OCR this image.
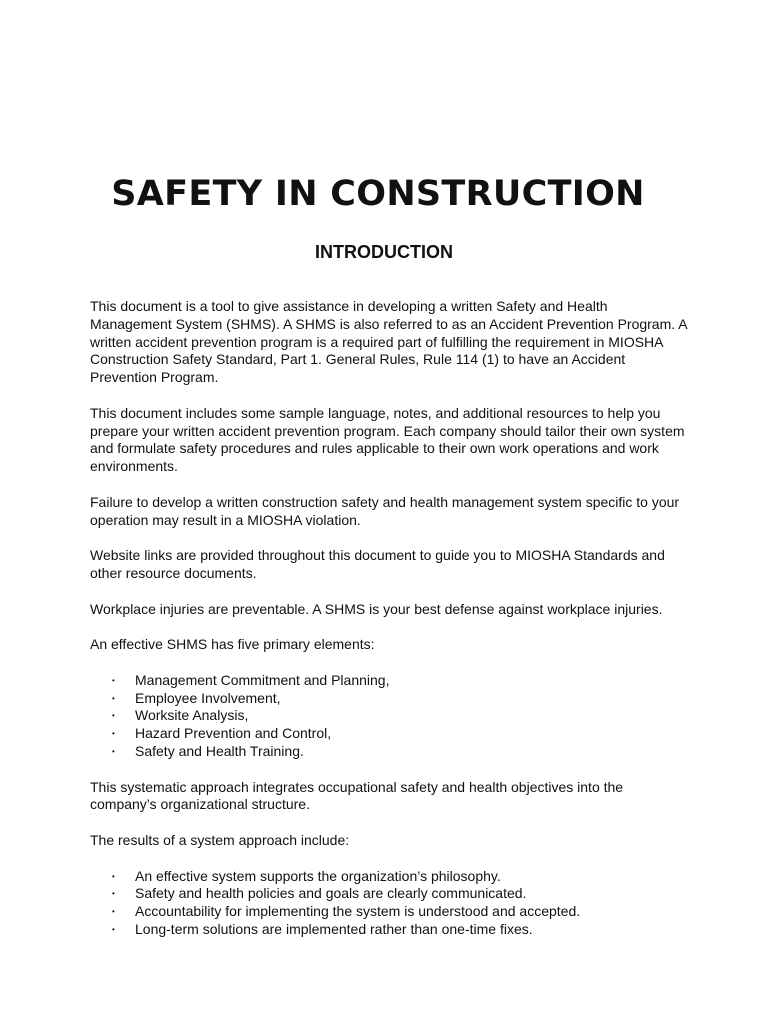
SAFETY IN CONSTRUCTION
INTRODUCTION

This document is a tool to give assistance in developing a written Safety and Health Management System (SHMS). A SHMS is also referred to as an Accident Prevention Program. A written accident prevention program is a required part of fulfilling the requirement in MIOSHA Construction Safety Standard, Part 1. General Rules, Rule 114 (1) to have an Accident Prevention Program.

This document includes some sample language, notes, and additional resources to help you prepare your written accident prevention program. Each company should tailor their own system and formulate safety procedures and rules applicable to their own work operations and work environments.

Failure to develop a written construction safety and health management system specific to your operation may result in a MIOSHA violation.

Website links are provided throughout this document to guide you to MIOSHA Standards and other resource documents.

Workplace injuries are preventable. A SHMS is your best defense against workplace injuries.

An effective SHMS has five primary elements:

• Management Commitment and Planning,
• Employee Involvement,
• Worksite Analysis,
• Hazard Prevention and Control,
• Safety and Health Training.

This systematic approach integrates occupational safety and health objectives into the company’s organizational structure.

The results of a system approach include:

• An effective system supports the organization’s philosophy.
• Safety and health policies and goals are clearly communicated.
• Accountability for implementing the system is understood and accepted.
• Long-term solutions are implemented rather than one-time fixes.
